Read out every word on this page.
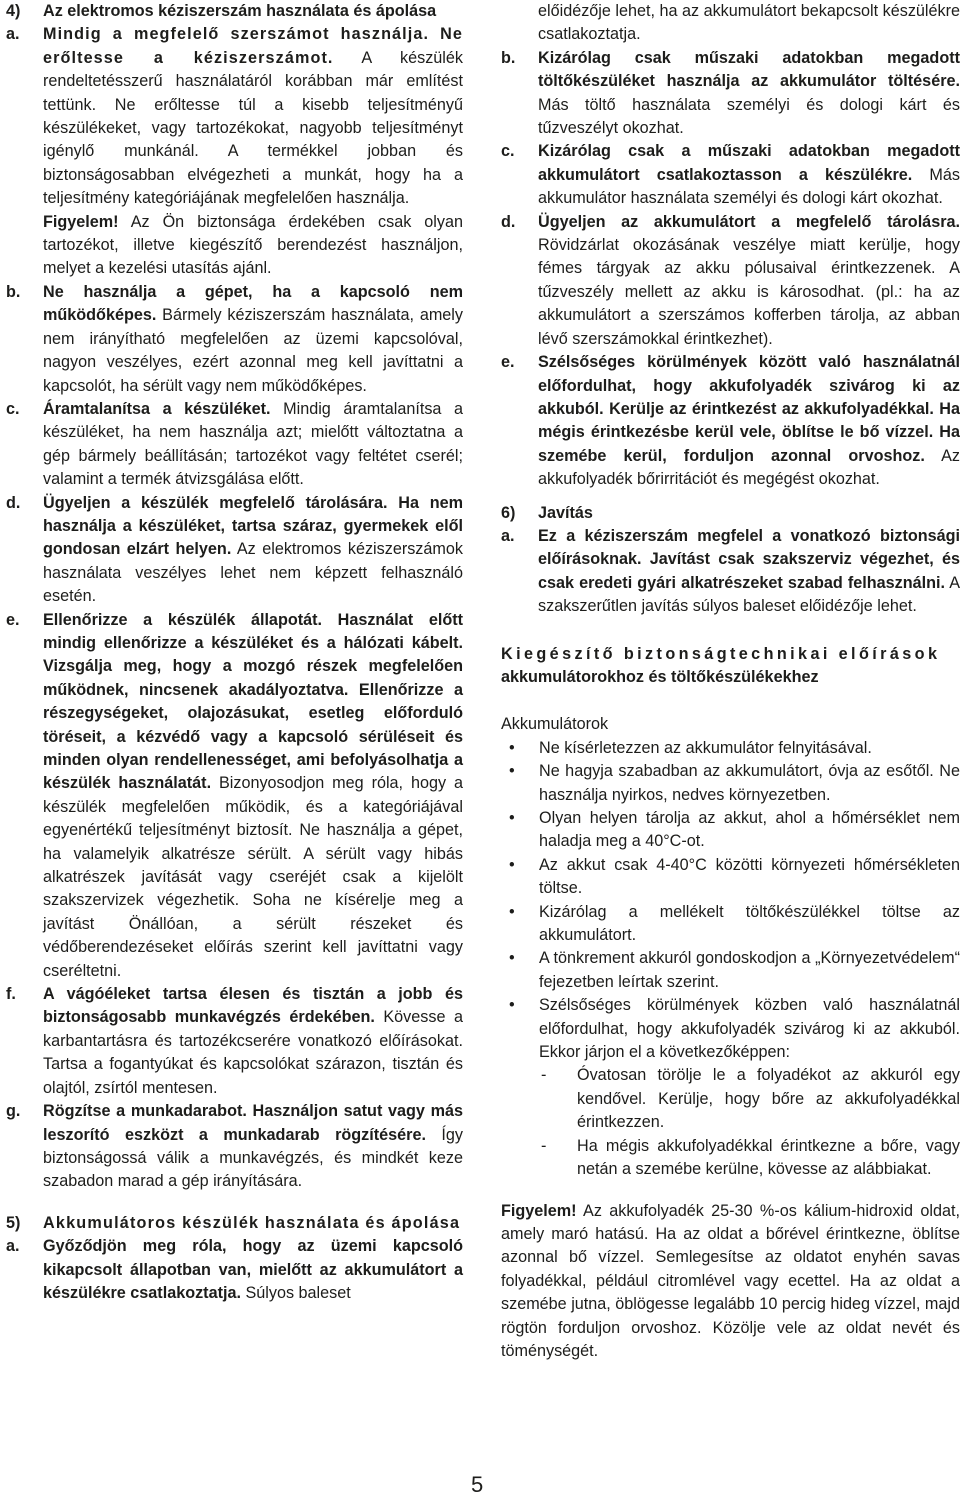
4)	Az elektromos kéziszerszám használata és ápolása
a.	Mindig a megfelelő szerszámot használja. Ne erőltesse a kéziszerszámot. A készülék rendeltetésszerű használatáról korábban már említést tettünk. Ne erőltesse túl a kisebb teljesítményű készülékeket, vagy tartozékokat, nagyobb teljesítményt igénylő munkánál. A termékkel jobban és biztonságosabban elvégezheti a munkát, hogy ha a teljesítmény kategóriájának megfelelően használja.
Figyelem! Az Ön biztonsága érdekében csak olyan tartozékot, illetve kiegészítő berendezést használjon, melyet a kezelési utasítás ajánl.
b.	Ne használja a gépet, ha a kapcsoló nem működőképes. Bármely kéziszerszám használata, amely nem irányítható megfelelően az üzemi kapcsolóval, nagyon veszélyes, ezért azonnal meg kell javíttatni a kapcsolót, ha sérült vagy nem működőképes.
c.	Áramtalanítsa a készüléket. Mindig áramtalanítsa a készüléket, ha nem használja azt; mielőtt változtatna a gép bármely beállításán; tartozékot vagy feltétet cserél; valamint a termék átvizsgálása előtt.
d.	Ügyeljen a készülék megfelelő tárolására. Ha nem használja a készüléket, tartsa száraz, gyermekek elől gondosan elzárt helyen. Az elektromos kéziszerszámok használata veszélyes lehet nem képzett felhasználó esetén.
e.	Ellenőrizze a készülék állapotát. Használat előtt mindig ellenőrizze a készüléket és a hálózati kábelt. Vizsgálja meg, hogy a mozgó részek megfelelően működnek, nincsenek akadályoztatva. Ellenőrizze a részegységeket, olajozásukat, esetleg előforduló töréseit, a kézvédő vagy a kapcsoló sérüléseit és minden olyan rendellenességet, ami befolyásolhatja a készülék használatát. Bizonyosodjon meg róla, hogy a készülék megfelelően működik, és a kategóriájával egyenértékű teljesítményt biztosít. Ne használja a gépet, ha valamelyik alkatrésze sérült. A sérült vagy hibás alkatrészek javítását vagy cseréjét csak a kijelölt szakszervizek végezhetik. Soha ne kísérelje meg a javítást Önállóan, a sérült részeket és védőberendezéseket előírás szerint kell javíttatni vagy cseréltetni.
f.	A vágóéleket tartsa élesen és tisztán a jobb és biztonságosabb munkavégzés érdekében. Kövesse a karbantartásra és tartozékcserére vonatkozó előírásokat. Tartsa a fogantyúkat és kapcsolókat szárazon, tisztán és olajtól, zsírtól mentesen.
g.	Rögzítse a munkadarabot. Használjon satut vagy más leszorító eszközt a munkadarab rögzítésére. Így biztonságossá válik a munkavégzés, és mindkét keze szabadon marad a gép irányítására.
5)	Akkumulátoros készülék használata és ápolása
a.	Győződjön meg róla, hogy az üzemi kapcsoló kikapcsolt állapotban van, mielőtt az akkumulátort a készülékre csatlakoztatja. Súlyos baleset
előidézője lehet, ha az akkumulátort bekapcsolt készülékre csatlakoztatja.
b.	Kizárólag csak műszaki adatokban megadott töltőkészüléket használja az akkumulátor töltésére. Más töltő használata személyi és dologi kárt és tűzveszélyt okozhat.
c.	Kizárólag csak a műszaki adatokban megadott akkumulátort csatlakoztasson a készülékre. Más akkumulátor használata személyi és dologi kárt okozhat.
d.	Ügyeljen az akkumulátort a megfelelő tárolásra. Rövidzárlat okozásának veszélye miatt kerülje, hogy fémes tárgyak az akku pólusaival érintkezzenek. A tűzveszély mellett az akku is károsodhat. (pl.: ha az akkumulátort a szerszámos kofferben tárolja, az abban lévő szerszámokkal érintkezhet).
e.	Szélsőséges körülmények között való használatnál előfordulhat, hogy akkufolyadék szivárog ki az akkuból. Kerülje az érintkezést az akkufolyadékkal. Ha mégis érintkezésbe kerül vele, öblítse le bő vízzel. Ha szemébe kerül, forduljon azonnal orvoshoz. Az akkufolyadék bőrirritációt és megégést okozhat.
6)	Javítás
a.	Ez a kéziszerszám megfelel a vonatkozó biztonsági előírásoknak. Javítást csak szakszerviz végezhet, és csak eredeti gyári alkatrészeket szabad felhasználni. A szakszerűtlen javítás súlyos baleset előidézője lehet.
Kiegészítő biztonságtechnikai előírások
akkumulátorokhoz és töltőkészülékekhez
Akkumulátorok
•	Ne kísérletezzen az akkumulátor felnyitásával.
•	Ne hagyja szabadban az akkumulátort, óvja az esőtől. Ne használja nyirkos, nedves környezetben.
•	Olyan helyen tárolja az akkut, ahol a hőmérséklet nem haladja meg a 40°C-ot.
•	Az akkut csak 4-40°C közötti környezeti hőmérsékleten töltse.
•	Kizárólag a mellékelt töltőkészülékkel töltse az akkumulátort.
•	A tönkrement akkuról gondoskodjon a „Környezetvédelem“ fejezetben leírtak szerint.
•	Szélsőséges körülmények közben való használatnál előfordulhat, hogy akkufolyadék szivárog ki az akkuból. Ekkor járjon el a következőképpen:
-	Óvatosan törölje le a folyadékot az akkuról egy kendővel. Kerülje, hogy bőre az akkufolyadékkal érintkezzen.
-	Ha mégis akkufolyadékkal érintkezne a bőre, vagy netán a szemébe kerülne, kövesse az alábbiakat.
Figyelem! Az akkufolyadék 25-30 %-os kálium-hidroxid oldat, amely maró hatású. Ha az oldat a bőrével érintkezne, öblítse azonnal bő vízzel. Semlegesítse az oldatot enyhén savas folyadékkal, például citromlével vagy ecettel. Ha az oldat a szemébe jutna, öblögesse legalább 10 percig hideg vízzel, majd rögtön forduljon orvoshoz. Közölje vele az oldat nevét és töménységét.
5
